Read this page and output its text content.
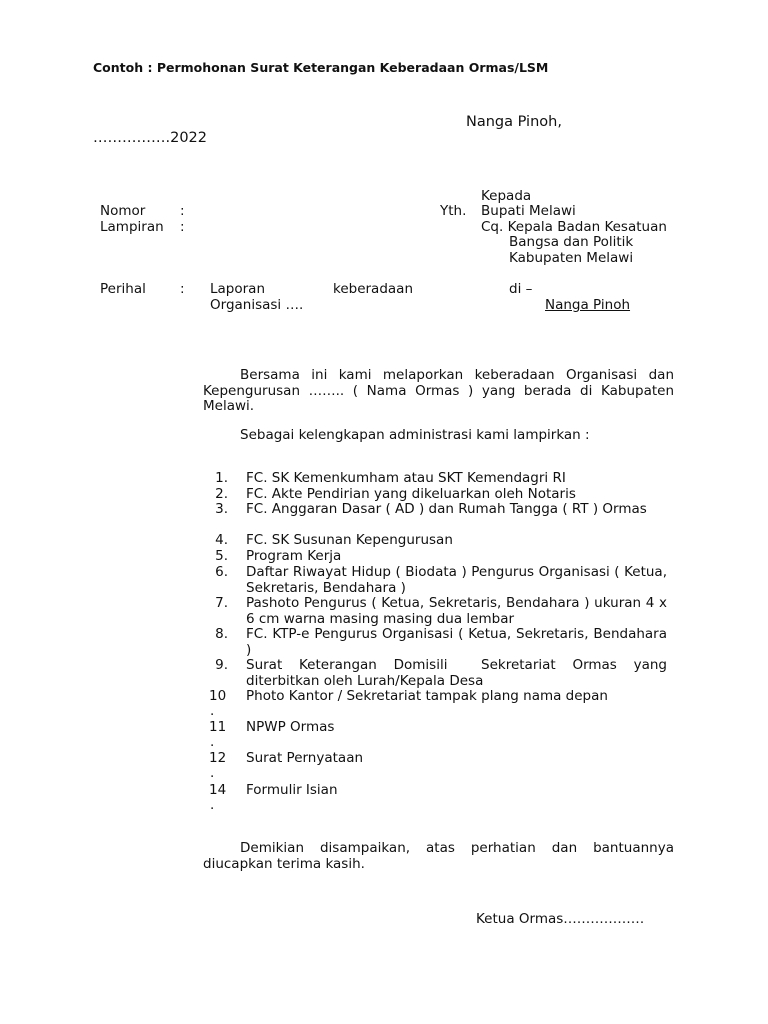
Contoh : Permohonan Surat Keterangan Keberadaan Ormas/LSM
Nanga Pinoh,
…………….2022
Kepada
Nomor	:	Yth. Bupati Melawi
Lampiran :	Cq. Kepala Badan Kesatuan
Bangsa dan Politik
Kabupaten Melawi
Perihal	: Laporan	keberadaan
Organisasi ….
di –
Nanga Pinoh
Bersama ini kami melaporkan keberadaan Organisasi dan Kepengurusan …….. ( Nama Ormas ) yang berada di Kabupaten Melawi.
Sebagai kelengkapan administrasi kami lampirkan :
1. FC. SK Kemenkumham atau SKT Kemendagri RI
2. FC. Akte Pendirian yang dikeluarkan oleh Notaris
3. FC. Anggaran Dasar ( AD ) dan Rumah Tangga ( RT ) Ormas
4. FC. SK Susunan Kepengurusan
5. Program Kerja
6. Daftar Riwayat Hidup ( Biodata ) Pengurus Organisasi ( Ketua, Sekretaris, Bendahara )
7. Pashoto Pengurus ( Ketua, Sekretaris, Bendahara ) ukuran 4 x 6 cm warna masing masing dua lembar
8. FC. KTP-e Pengurus Organisasi ( Ketua, Sekretaris, Bendahara )
9. Surat Keterangan Domisili  Sekretariat Ormas yang diterbitkan oleh Lurah/Kepala Desa
10
.
Photo Kantor / Sekretariat tampak plang nama depan
11
.
NPWP Ormas
12
.
Surat Pernyataan
14
.
Formulir Isian
Demikian disampaikan, atas perhatian dan bantuannya diucapkan terima kasih.
Ketua Ormas………………
